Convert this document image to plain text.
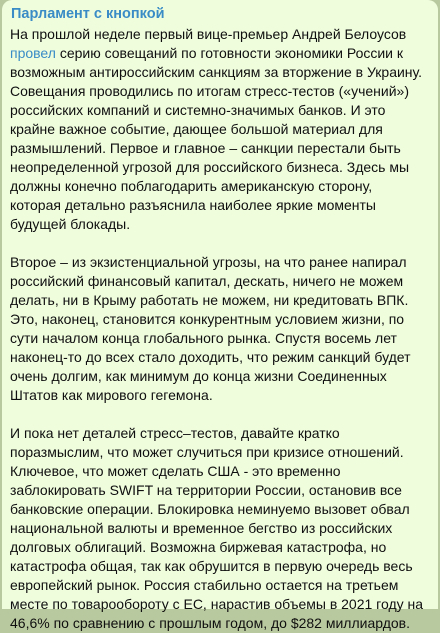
Парламент с кнопкой

На прошлой неделе первый вице-премьер Андрей Белоусов провел серию совещаний по готовности экономики России к возможным антироссийским санкциям за вторжение в Украину. Совещания проводились по итогам стресс-тестов («учений») российских компаний и системно-значимых банков. И это крайне важное событие, дающее большой материал для размышлений. Первое и главное – санкции перестали быть неопределенной угрозой для российского бизнеса. Здесь мы должны конечно поблагодарить американскую сторону, которая детально разъяснила наиболее яркие моменты будущей блокады.

Второе – из экзистенциальной угрозы, на что ранее напирал российский финансовый капитал, дескать, ничего не можем делать, ни в Крыму работать не можем, ни кредитовать ВПК. Это, наконец, становится конкурентным условием жизни, по сути началом конца глобального рынка. Спустя восемь лет наконец-то до всех стало доходить, что режим санкций будет очень долгим, как минимум до конца жизни Соединенных Штатов как мирового гегемона.

И пока нет деталей стресс–тестов, давайте кратко поразмыслим, что может случиться при кризисе отношений. Ключевое, что может сделать США - это временно заблокировать SWIFT на территории России, остановив все банковские операции. Блокировка неминуемо вызовет обвал национальной валюты и временное бегство из российских долговых облигаций. Возможна биржевая катастрофа, но катастрофа общая, так как обрушится в первую очередь весь европейский рынок. Россия стабильно остается на третьем месте по товарообороту с ЕС, нарастив объемы в 2021 году на 46,6% по сравнению с прошлым годом, до $282 миллиардов.
